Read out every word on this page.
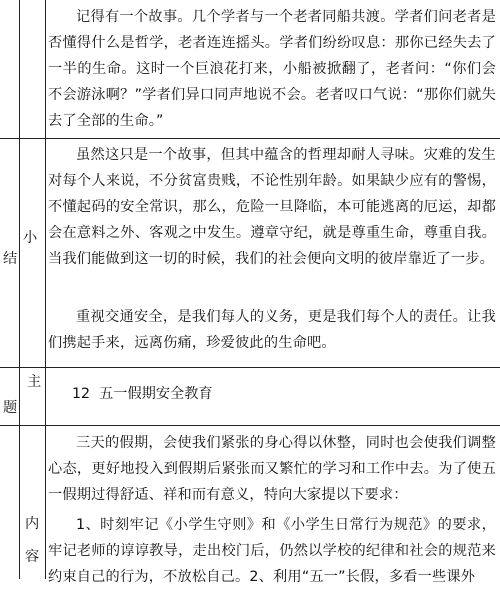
记得有一个故事。几个学者与一个老者同船共渡。学者们问老者是否懂得什么是哲学，老者连连摇头。学者们纷纷叹息：那你已经失去了一半的生命。这时一个巨浪花打来，小船被掀翻了，老者问：“你们会不会游泳啊？”学者们异口同声地说不会。老者叹口气说：“那你们就失去了全部的生命。”
小
结
虽然这只是一个故事，但其中蕴含的哲理却耐人寻味。灾难的发生对每个人来说，不分贫富贵贱，不论性别年龄。如果缺少应有的警惕，不懂起码的安全常识，那么，危险一旦降临，本可能逃离的厄运，却都会在意料之外、客观之中发生。遵章守纪，就是尊重生命，尊重自我。当我们能做到这一切的时候，我们的社会便向文明的彼岸靠近了一步。
重视交通安全，是我们每人的义务，更是我们每个人的责任。让我们携起手来，远离伤痛，珍爱彼此的生命吧。
主
题
12  五一假期安全教育
内
容
三天的假期，会使我们紧张的身心得以休整，同时也会使我们调整心态，更好地投入到假期后紧张而又繁忙的学习和工作中去。为了使五一假期过得舒适、祥和而有意义，特向大家提以下要求：
1、时刻牢记《小学生守则》和《小学生日常行为规范》的要求，牢记老师的谆谆教导，走出校门后，仍然以学校的纪律和社会的规范来约束自己的行为，不放松自己。2、利用“五一”长假，多看一些课外
